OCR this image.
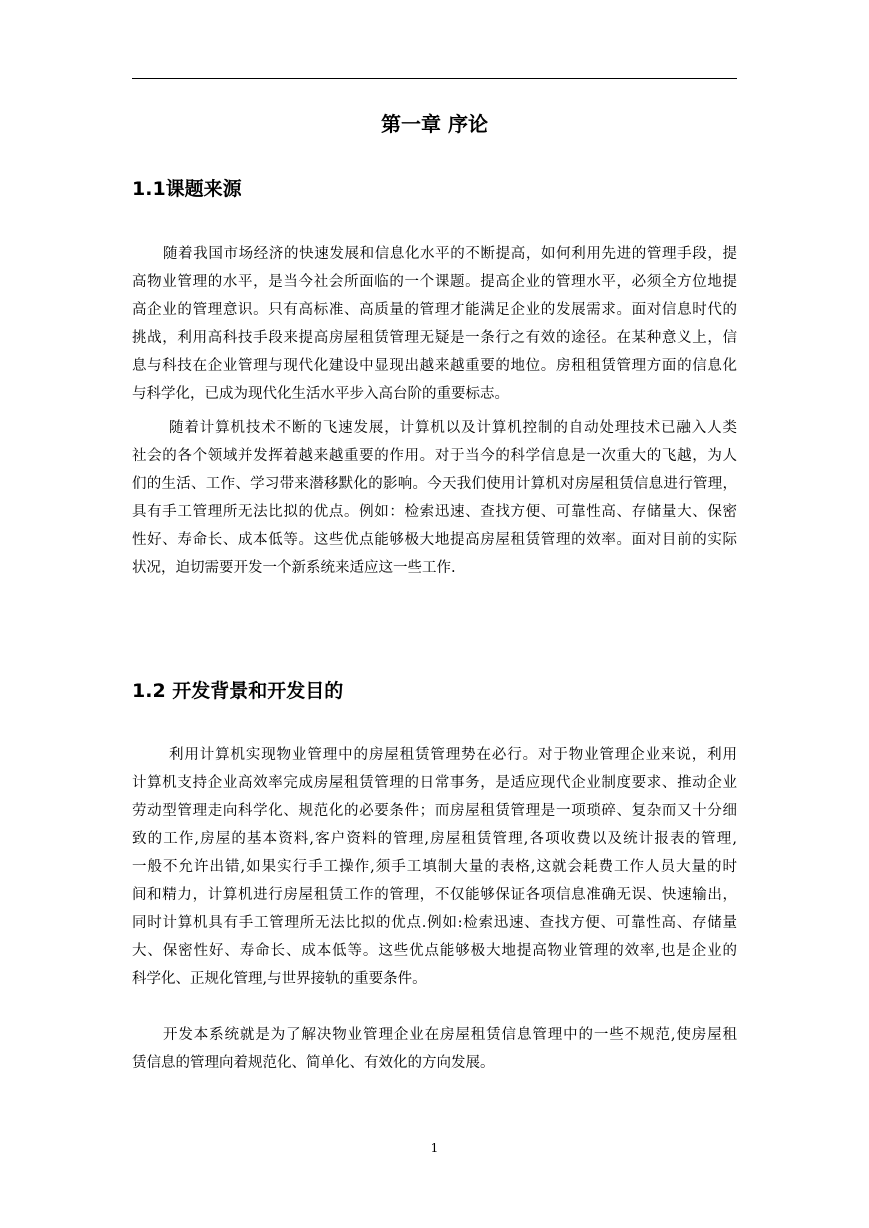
第一章 序论
1.1课题来源
随着我国市场经济的快速发展和信息化水平的不断提高，如何利用先进的管理手段，提
高物业管理的水平，是当今社会所面临的一个课题。提高企业的管理水平，必须全方位地提
高企业的管理意识。只有高标准、高质量的管理才能满足企业的发展需求。面对信息时代的
挑战，利用高科技手段来提高房屋租赁管理无疑是一条行之有效的途径。在某种意义上，信
息与科技在企业管理与现代化建设中显现出越来越重要的地位。房租租赁管理方面的信息化
与科学化，已成为现代化生活水平步入高台阶的重要标志。
随着计算机技术不断的飞速发展，计算机以及计算机控制的自动处理技术已融入人类
社会的各个领域并发挥着越来越重要的作用。对于当今的科学信息是一次重大的飞越，为人
们的生活、工作、学习带来潜移默化的影响。今天我们使用计算机对房屋租赁信息进行管理，
具有手工管理所无法比拟的优点。例如：检索迅速、查找方便、可靠性高、存储量大、保密
性好、寿命长、成本低等。这些优点能够极大地提高房屋租赁管理的效率。面对目前的实际
状况，迫切需要开发一个新系统来适应这一些工作.
1.2 开发背景和开发目的
利用计算机实现物业管理中的房屋租赁管理势在必行。对于物业管理企业来说，利用
计算机支持企业高效率完成房屋租赁管理的日常事务，是适应现代企业制度要求、推动企业
劳动型管理走向科学化、规范化的必要条件；而房屋租赁管理是一项琐碎、复杂而又十分细
致的工作,房屋的基本资料,客户资料的管理,房屋租赁管理,各项收费以及统计报表的管理,
一般不允许出错,如果实行手工操作,须手工填制大量的表格,这就会耗费工作人员大量的时
间和精力，计算机进行房屋租赁工作的管理，不仅能够保证各项信息准确无误、快速输出，
同时计算机具有手工管理所无法比拟的优点.例如:检索迅速、查找方便、可靠性高、存储量
大、保密性好、寿命长、成本低等。这些优点能够极大地提高物业管理的效率,也是企业的
科学化、正规化管理,与世界接轨的重要条件。
开发本系统就是为了解决物业管理企业在房屋租赁信息管理中的一些不规范,使房屋租
赁信息的管理向着规范化、简单化、有效化的方向发展。
1
